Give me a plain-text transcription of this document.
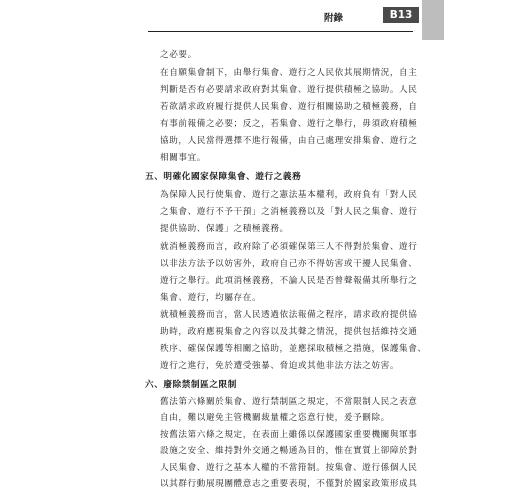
附錄	B13
之必要。
在自願集會制下，由舉行集會、遊行之人民依其展期情況，自主
判斷是否有必要請求政府對其集會、遊行提供積極之協助。人民
若欲請求政府履行提供人民集會、遊行相關協助之積極義務，自
有事前報備之必要；反之，若集會、遊行之舉行，毋須政府積極
協助，人民當得選擇不進行報備，由自己處理安排集會、遊行之
相關事宜。
五、明確化國家保障集會、遊行之義務
為保障人民行使集會、遊行之憲法基本權利，政府負有「對人民
之集會、遊行不予干預」之消極義務以及「對人民之集會、遊行
提供協助、保護」之積極義務。
就消極義務而言，政府除了必須確保第三人不得對於集會、遊行
以非法方法予以妨害外，政府自己亦不得妨害或干擾人民集會、
遊行之舉行。此項消極義務，不論人民是否曾聲報備其所舉行之
集會、遊行，均屬存在。
就積極義務而言，當人民透過依法報備之程序，請求政府提供協
助時，政府應視集會之內容以及其聲之情況，提供包括維持交通
秩序、確保保護等相關之協助，並應採取積極之措施，保護集會、
遊行之進行，免於遭受強暴、脅迫或其他非法方法之妨害。
六、廢除禁制區之限制
舊法第六條關於集會、遊行禁制區之規定，不當限制人民之表意
自由，難以避免主管機關裁量權之恣意行使，爰予刪除。
按舊法第六條之規定，在表面上雖係以保護國家重要機關與軍事
設施之安全、維持對外交通之暢通為目的，惟在實質上卻障於對
人民集會、遊行之基本人權的不當箝制。按集會、遊行係個人民
以其群行動展現團體意志之重要表現，不僅對於國家政策形成具
